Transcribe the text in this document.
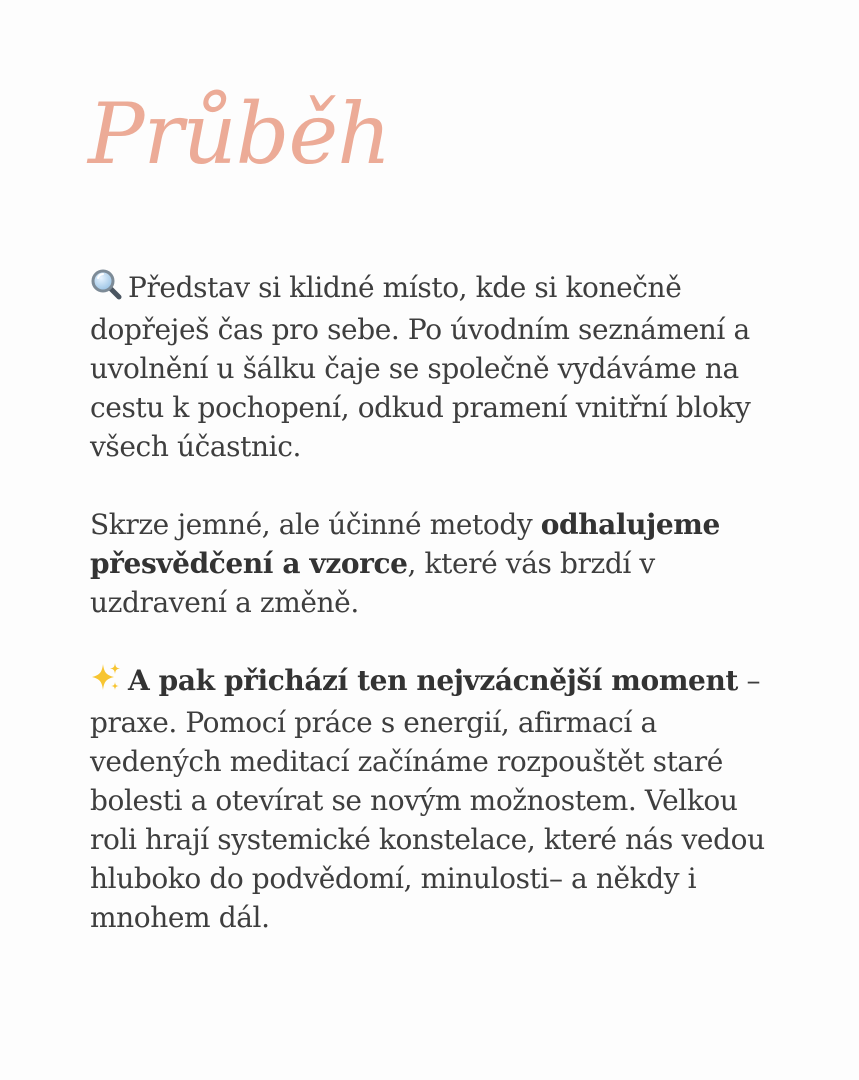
Průběh

Představ si klidné místo, kde si konečně dopřeješ čas pro sebe. Po úvodním seznámení a uvolnění u šálku čaje se společně vydáváme na cestu k pochopení, odkud pramení vnitřní bloky všech účastnic.

Skrze jemné, ale účinné metody odhalujeme přesvědčení a vzorce, které vás brzdí v uzdravení a změně.

A pak přichází ten nejvzácnější moment – praxe. Pomocí práce s energií, afirmací a vedených meditací začínáme rozpouštět staré bolesti a otevírat se novým možnostem. Velkou roli hrají systemické konstelace, které nás vedou hluboko do podvědomí, minulosti– a někdy i mnohem dál.
